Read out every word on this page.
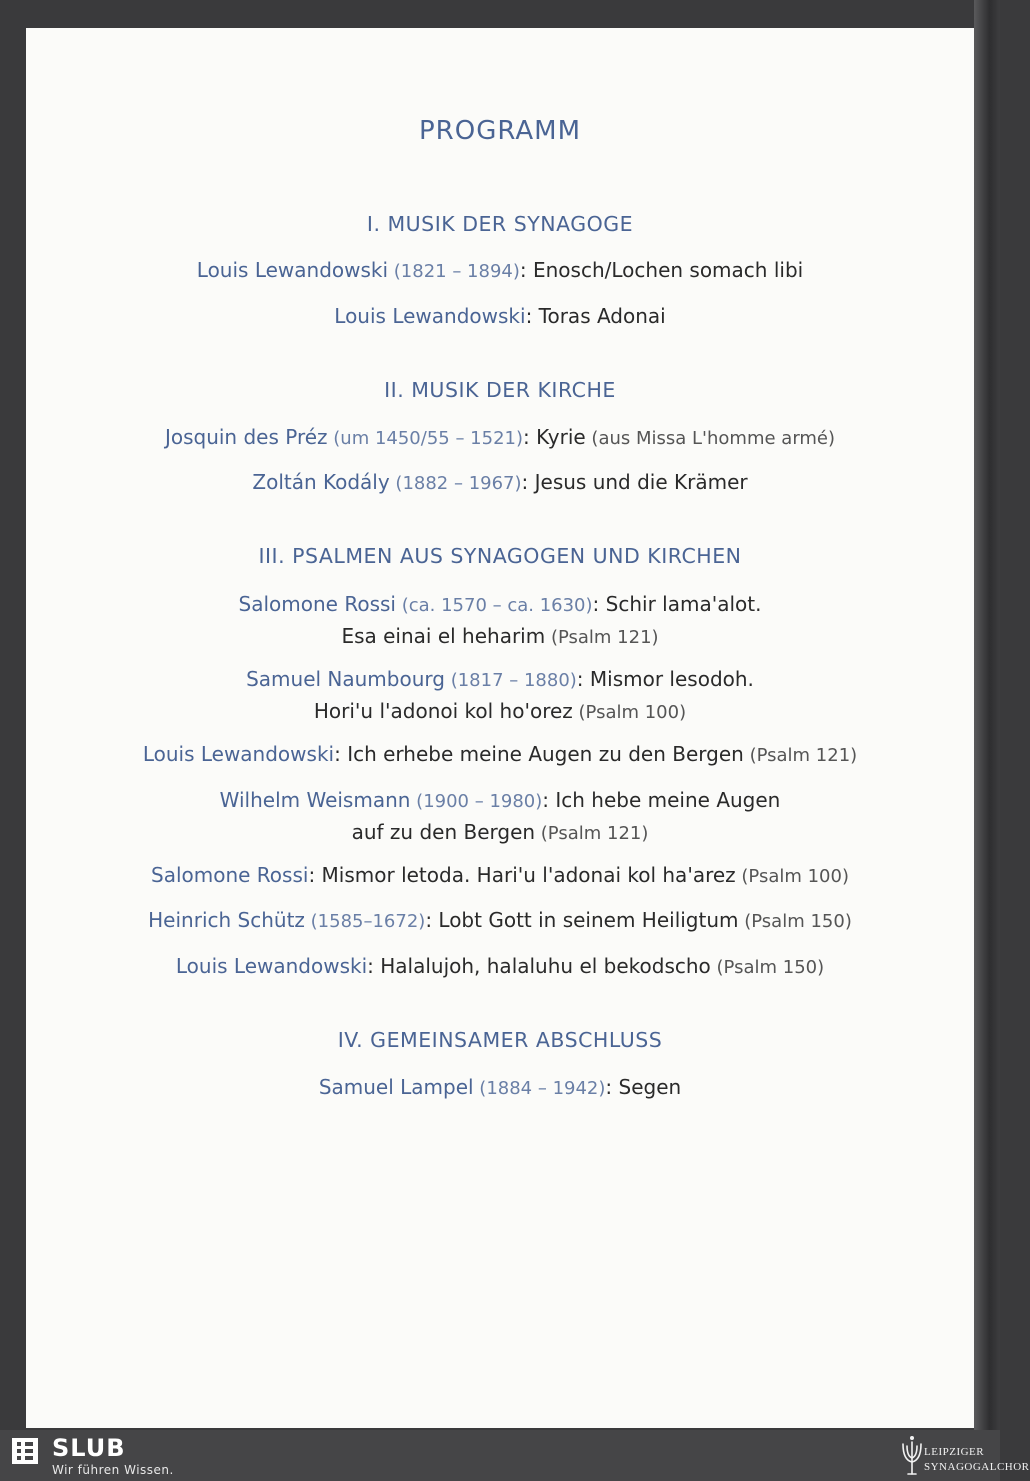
PROGRAMM
I. MUSIK DER SYNAGOGE
Louis Lewandowski (1821 – 1894): Enosch/Lochen somach libi
Louis Lewandowski: Toras Adonai
II. MUSIK DER KIRCHE
Josquin des Préz (um 1450/55 – 1521): Kyrie (aus Missa L'homme armé)
Zoltán Kodály (1882 – 1967): Jesus und die Krämer
III. PSALMEN AUS SYNAGOGEN UND KIRCHEN
Salomone Rossi (ca. 1570 – ca. 1630): Schir lama'alot.
Esa einai el heharim (Psalm 121)
Samuel Naumbourg (1817 – 1880): Mismor lesodoh.
Hori'u l'adonoi kol ho'orez (Psalm 100)
Louis Lewandowski: Ich erhebe meine Augen zu den Bergen (Psalm 121)
Wilhelm Weismann (1900 – 1980): Ich hebe meine Augen
auf zu den Bergen (Psalm 121)
Salomone Rossi: Mismor letoda. Hari'u l'adonai kol ha'arez (Psalm 100)
Heinrich Schütz (1585–1672): Lobt Gott in seinem Heiligtum (Psalm 150)
Louis Lewandowski: Halalujoh, halaluhu el bekodscho (Psalm 150)
IV. GEMEINSAMER ABSCHLUSS
Samuel Lampel (1884 – 1942): Segen
SLUB
Wir führen Wissen.
LEIPZIGER
SYNAGOGALCHOR
